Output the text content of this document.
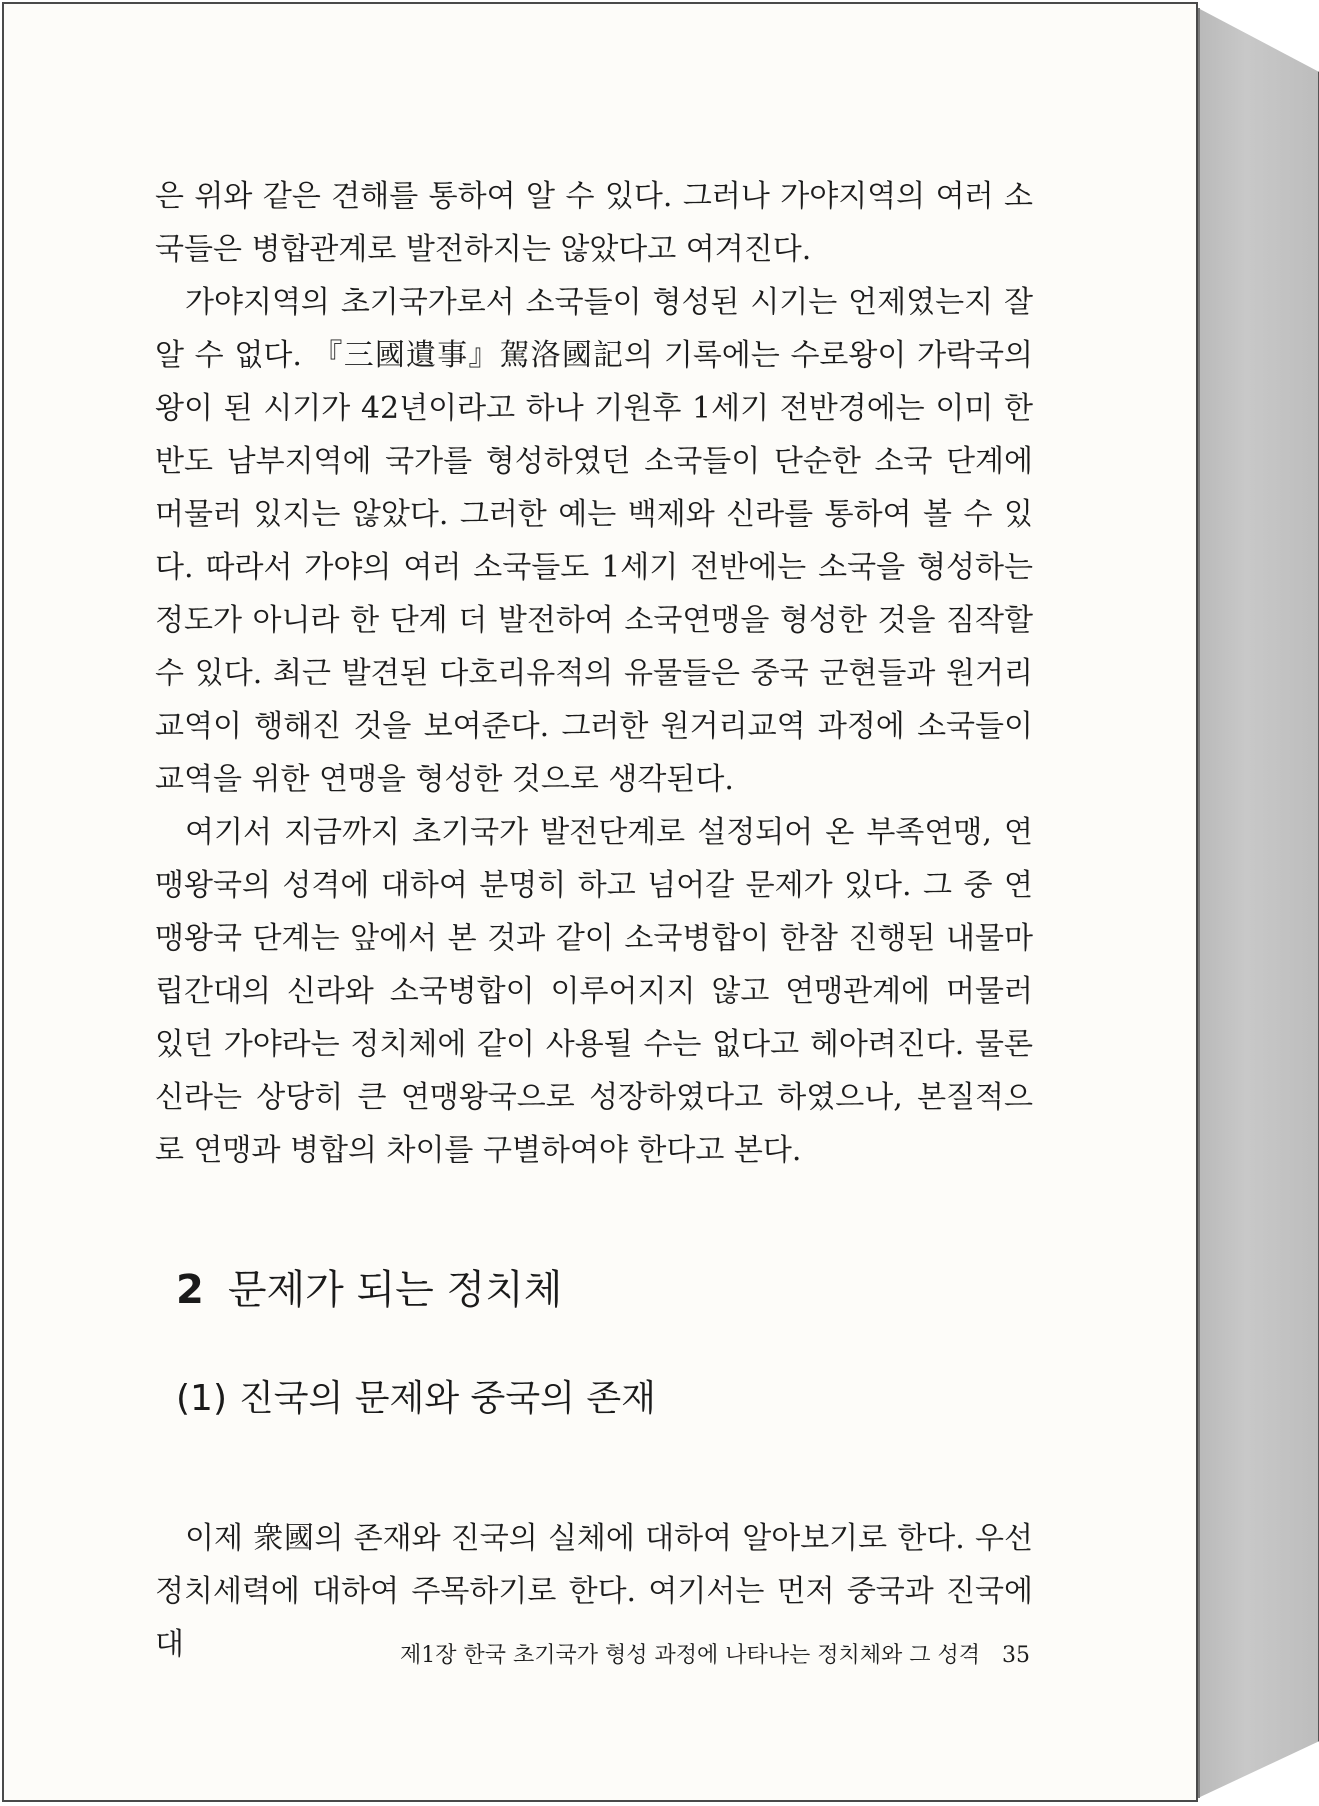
은 위와 같은 견해를 통하여 알 수 있다. 그러나 가야지역의 여러 소국들은 병합관계로 발전하지는 않았다고 여겨진다.

가야지역의 초기국가로서 소국들이 형성된 시기는 언제였는지 잘 알 수 없다. 『三國遺事』駕洛國記의 기록에는 수로왕이 가락국의 왕이 된 시기가 42년이라고 하나 기원후 1세기 전반경에는 이미 한반도 남부지역에 국가를 형성하였던 소국들이 단순한 소국 단계에 머물러 있지는 않았다. 그러한 예는 백제와 신라를 통하여 볼 수 있다. 따라서 가야의 여러 소국들도 1세기 전반에는 소국을 형성하는 정도가 아니라 한 단계 더 발전하여 소국연맹을 형성한 것을 짐작할 수 있다. 최근 발견된 다호리유적의 유물들은 중국 군현들과 원거리교역이 행해진 것을 보여준다. 그러한 원거리교역 과정에 소국들이 교역을 위한 연맹을 형성한 것으로 생각된다.

여기서 지금까지 초기국가 발전단계로 설정되어 온 부족연맹, 연맹왕국의 성격에 대하여 분명히 하고 넘어갈 문제가 있다. 그 중 연맹왕국 단계는 앞에서 본 것과 같이 소국병합이 한참 진행된 내물마립간대의 신라와 소국병합이 이루어지지 않고 연맹관계에 머물러 있던 가야라는 정치체에 같이 사용될 수는 없다고 헤아려진다. 물론 신라는 상당히 큰 연맹왕국으로 성장하였다고 하였으나, 본질적으로 연맹과 병합의 차이를 구별하여야 한다고 본다.

2 문제가 되는 정치체
(1) 진국의 문제와 중국의 존재

이제 衆國의 존재와 진국의 실체에 대하여 알아보기로 한다. 우선 정치세력에 대하여 주목하기로 한다. 여기서는 먼저 중국과 진국에 대	제1장 한국 초기국가 형성 과정에 나타나는 정치체와 그 성격 35
